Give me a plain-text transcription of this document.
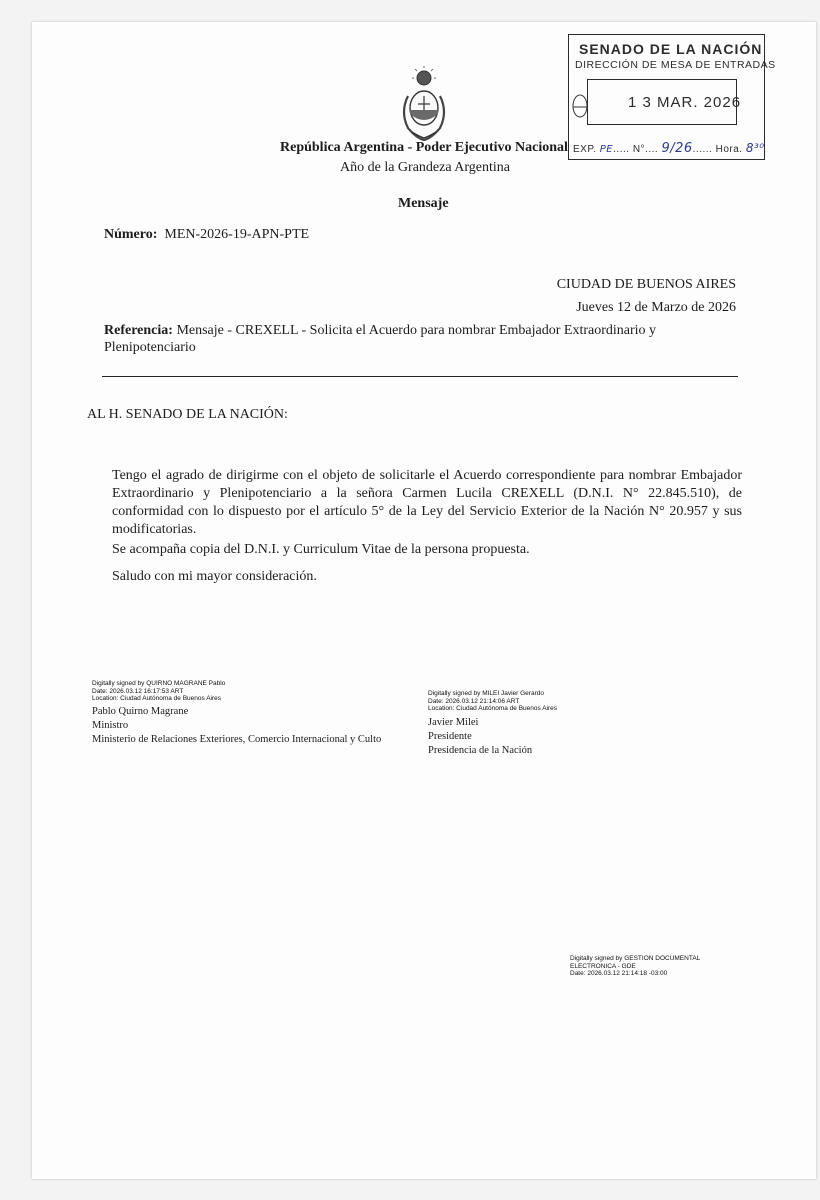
República Argentina - Poder Ejecutivo Nacional
Año de la Grandeza Argentina
Mensaje
Número: MEN-2026-19-APN-PTE
CIUDAD DE BUENOS AIRES
Jueves 12 de Marzo de 2026
Referencia: Mensaje - CREXELL - Solicita el Acuerdo para nombrar Embajador Extraordinario y Plenipotenciario
AL H. SENADO DE LA NACIÓN:
Tengo el agrado de dirigirme con el objeto de solicitarle el Acuerdo correspondiente para nombrar Embajador Extraordinario y Plenipotenciario a la señora Carmen Lucila CREXELL (D.N.I. N° 22.845.510), de conformidad con lo dispuesto por el artículo 5° de la Ley del Servicio Exterior de la Nación N° 20.957 y sus modificatorias.
Se acompaña copia del D.N.I. y Curriculum Vitae de la persona propuesta.
Saludo con mi mayor consideración.
Digitally signed by QUIRNO MAGRANE Pablo
Date: 2026.03.12 16:17:53 ART
Location: Ciudad Autónoma de Buenos Aires
Pablo Quirno Magrane
Ministro
Ministerio de Relaciones Exteriores, Comercio Internacional y Culto
Digitally signed by MILEI Javier Gerardo
Date: 2026.03.12 21:14:06 ART
Location: Ciudad Autónoma de Buenos Aires
Javier Milei
Presidente
Presidencia de la Nación
Digitally signed by GESTION DOCUMENTAL
ELECTRONICA - GDE
Date: 2026.03.12 21:14:18 -03:00
SENADO DE LA NACIÓN
DIRECCIÓN DE MESA DE ENTRADAS
1 3 MAR. 2026
EXP. PE..... N°.... 9/26...... Hora. 8³⁰
